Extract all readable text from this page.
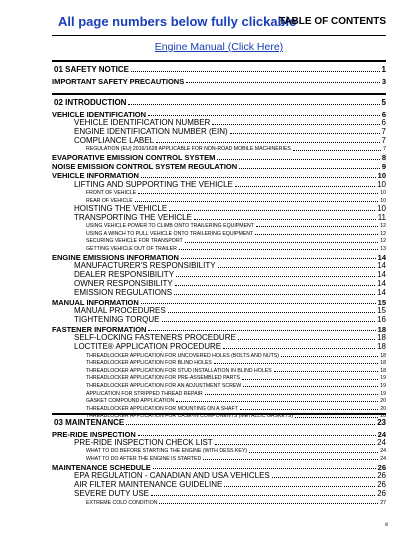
All page numbers below fully clickable
TABLE OF CONTENTS
Engine Manual (Click Here)
01 SAFETY NOTICE	1
IMPORTANT SAFETY PRECAUTIONS	3
02 INTRODUCTION	5
VEHICLE IDENTIFICATION	6
VEHICLE IDENTIFICATION NUMBER	6
ENGINE IDENTIFICATION NUMBER (EIN)	7
COMPLIANCE LABEL	7
REGULATION (EU) 2016/1628 APPLICABLE FOR NON-ROAD MOBILE MACHINERIES	7
EVAPORATIVE EMISSION CONTROL SYSTEM	8
NOISE EMISSION CONTROL SYSTEM REGULATION	9
VEHICLE INFORMATION	10
LIFTING AND SUPPORTING THE VEHICLE	10
FRONT OF VEHICLE	10
REAR OF VEHICLE	10
HOISTING THE VEHICLE	10
TRANSPORTING THE VEHICLE	11
USING VEHICLE POWER TO CLIMB ONTO TRAILERING EQUIPMENT	12
USING A WINCH TO PULL VEHICLE ONTO TRAILERING EQUIPMENT	12
SECURING VEHICLE FOR TRANSPORT	12
GETTING VEHICLE OUT OF TRAILER	13
ENGINE EMISSIONS INFORMATION	14
MANUFACTURER'S RESPONSIBILITY	14
DEALER RESPONSIBILITY	14
OWNER RESPONSIBILITY	14
EMISSION REGULATIONS	14
MANUAL INFORMATION	15
MANUAL PROCEDURES	15
TIGHTENING TORQUE	16
FASTENER INFORMATION	18
SELF-LOCKING FASTENERS PROCEDURE	18
LOCTITE® APPLICATION PROCEDURE	18
THREADLOCKER APPLICATION FOR UNCOVERED HOLES (BOLTS AND NUTS)	18
THREADLOCKER APPLICATION FOR BLIND HOLES	18
THREADLOCKER APPLICATION FOR STUD INSTALLATION IN BLIND HOLES	18
THREADLOCKER APPLICATION FOR PRE-ASSEMBLED PARTS	19
THREADLOCKER APPLICATION FOR AN ADJUSTMENT SCREW	19
APPLICATION FOR STRIPPED THREAD REPAIR	19
GASKET COMPOUND APPLICATION	20
THREADLOCKER APPLICATION FOR MOUNTING ON A SHAFT	20
THREADLOCKER APPLICATION FOR CASE-IN COMPONENTS (METALLIC GASKETS)	20
03 MAINTENANCE	23
PRE-RIDE INSPECTION	24
PRE-RIDE INSPECTION CHECK LIST	24
WHAT TO DO BEFORE STARTING THE ENGINE (WITH DESS KEY)	24
WHAT TO DO AFTER THE ENGINE IS STARTED	24
MAINTENANCE SCHEDULE	26
EPA REGULATION - CANADIAN AND USA VEHICLES	26
AIR FILTER MAINTENANCE GUIDELINE	26
SEVERE DUTY USE	26
EXTREME COLD CONDITION	27
iii
